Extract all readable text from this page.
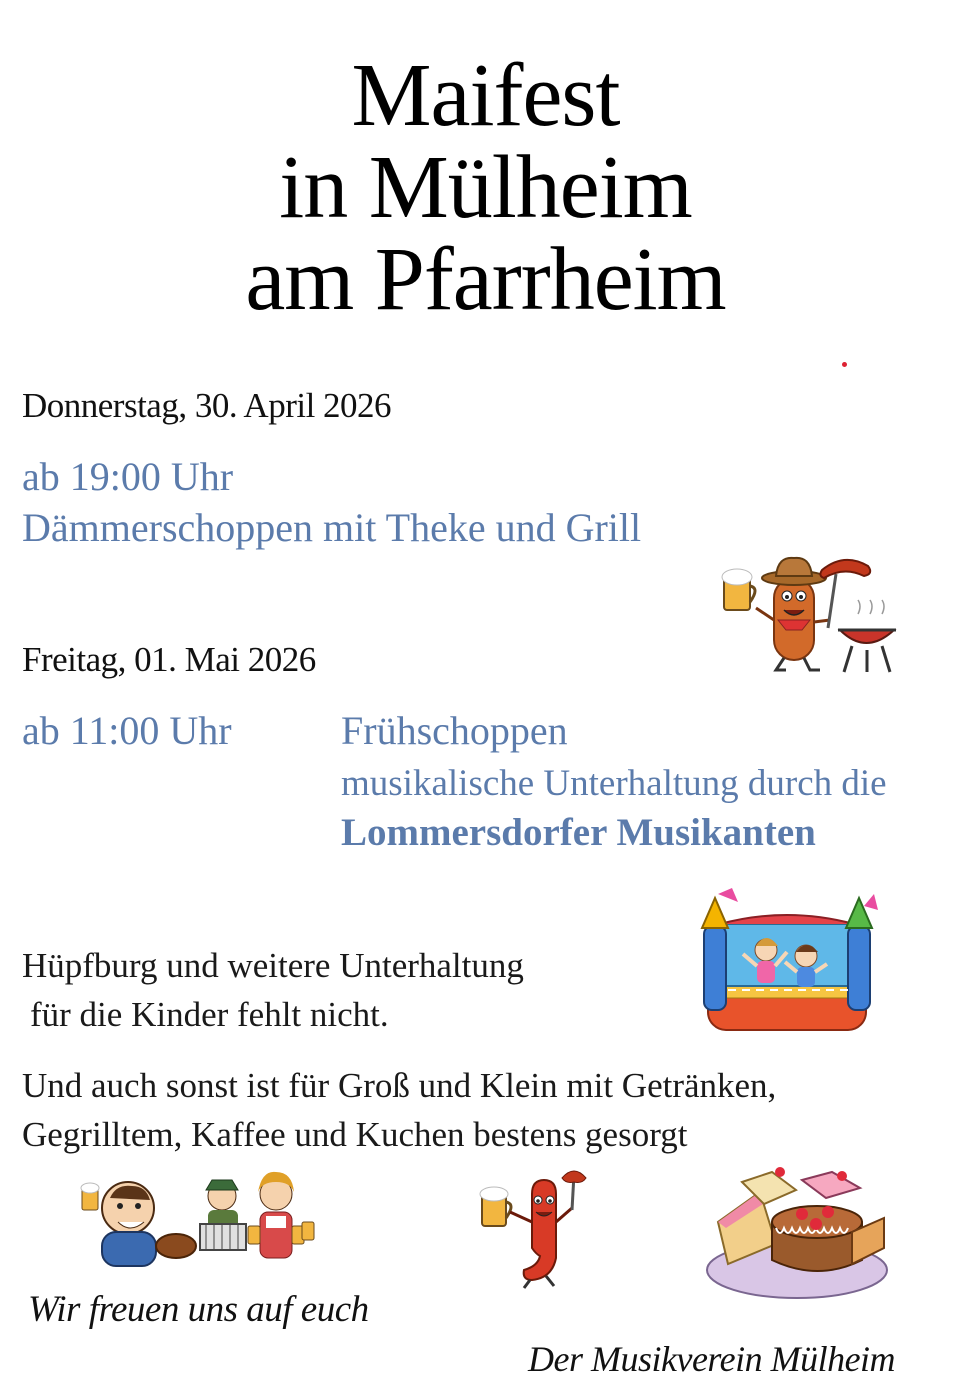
Maifest
in Mülheim
am Pfarrheim
Donnerstag, 30. April 2026
ab 19:00 Uhr
Dämmerschoppen mit Theke und Grill
Freitag, 01. Mai 2026
ab 11:00 Uhr	Frühschoppen
musikalische Unterhaltung durch die
Lommersdorfer Musikanten
Hüpfburg und weitere Unterhaltung
für die Kinder fehlt nicht.
Und auch sonst ist für Groß und Klein mit Getränken,
Gegrilltem, Kaffee und Kuchen bestens gesorgt
Wir freuen uns auf euch
Der Musikverein Mülheim
